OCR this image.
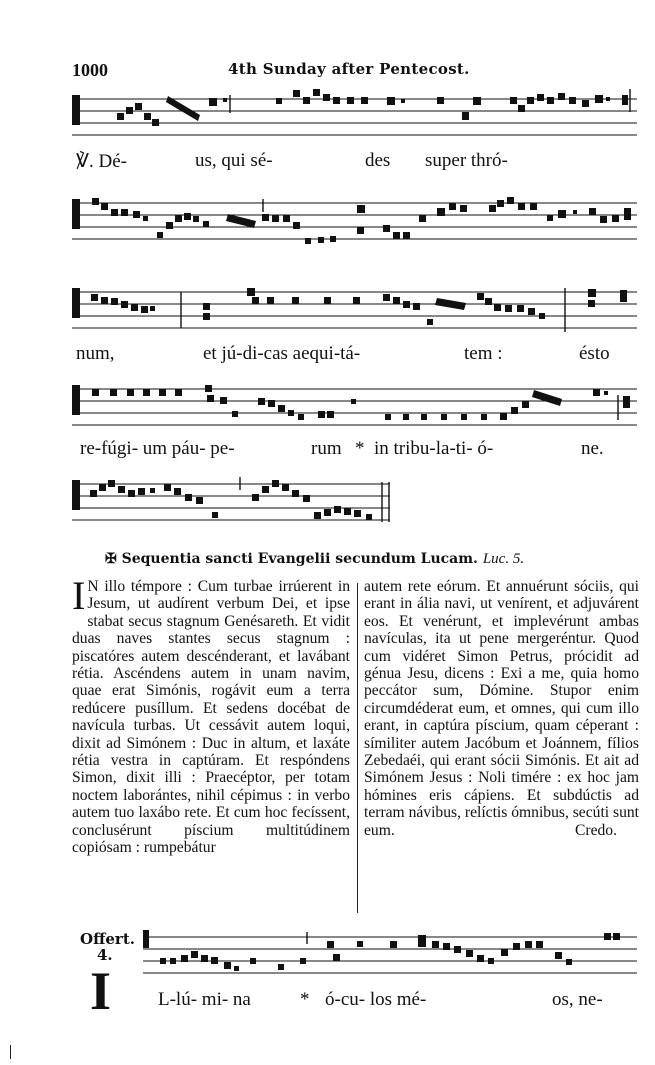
1000	4th Sunday after Pentecost.
℣. Dé-	us, qui sé-	des super thró-
num,	et jú-di-cas aequi-tá-	tem :	ésto
re-fúgi- um páu- pe-	rum * in tribu-la-ti- ó-	ne.
✠ Sequentia sancti Evangelii secundum Lucam. Luc. 5.
I N illo témpore : Cum turbae irrúerent in Jesum, ut audírent verbum Dei, et ipse stabat secus stagnum Genésareth. Et vidit duas naves stantes secus stagnum : piscatóres autem descénderant, et lavábant rétia. Ascéndens autem in unam navim, quae erat Simónis, rogávit eum a terra redúcere pusíllum. Et sedens docébat de navícula turbas. Ut cessávit autem loqui, dixit ad Simónem : Duc in altum, et laxáte rétia vestra in captúram. Et respóndens Simon, dixit illi : Praecéptor, per totam noctem laborántes, nihil cépimus : in verbo autem tuo laxábo rete. Et cum hoc fecíssent, conclusérunt píscium multitúdinem copiósam : rumpebátur
autem rete eórum. Et annuérunt sóciis, qui erant in ália navi, ut venírent, et adjuvárent eos. Et venérunt, et implevérunt ambas navículas, ita ut pene mergeréntur. Quod cum vidéret Simon Petrus, prócidit ad génua Jesu, dicens : Exi a me, quia homo peccátor sum, Dómine. Stupor enim circumdéderat eum, et omnes, qui cum illo erant, in captúra píscium, quam céperant : símiliter autem Jacóbum et Joánnem, fílios Zebedaéi, qui erant sócii Simónis. Et ait ad Simónem Jesus : Noli timére : ex hoc jam hómines eris cápiens. Et subdúctis ad terram návibus, relíctis ómnibus, secúti sunt eum.	Credo.
Offert.
4.
I L-lú- mi- na	* ó-cu- los mé-	os, ne-
